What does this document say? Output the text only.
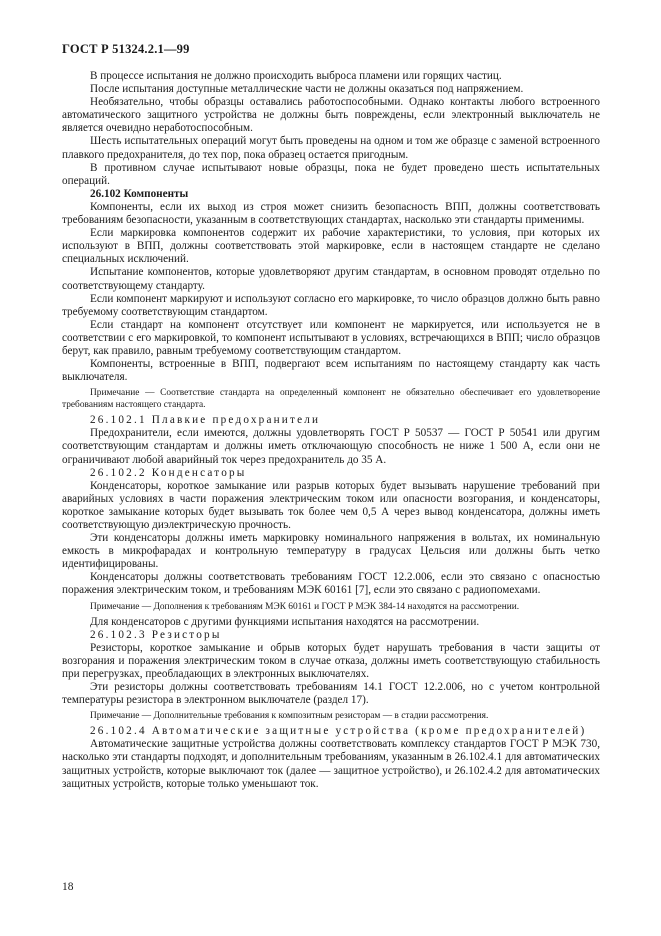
ГОСТ Р 51324.2.1—99

В процессе испытания не должно происходить выброса пламени или горящих частиц.

После испытания доступные металлические части не должны оказаться под напряжением.

Необязательно, чтобы образцы оставались работоспособными. Однако контакты любого встроенного автоматического защитного устройства не должны быть повреждены, если электронный выключатель не является очевидно неработоспособным.

Шесть испытательных операций могут быть проведены на одном и том же образце с заменой встроенного плавкого предохранителя, до тех пор, пока образец остается пригодным.

В противном случае испытывают новые образцы, пока не будет проведено шесть испытательных операций.

26.102 Компоненты

Компоненты, если их выход из строя может снизить безопасность ВПП, должны соответствовать требованиям безопасности, указанным в соответствующих стандартах, насколько эти стандарты применимы.

Если маркировка компонентов содержит их рабочие характеристики, то условия, при которых их используют в ВПП, должны соответствовать этой маркировке, если в настоящем стандарте не сделано специальных исключений.

Испытание компонентов, которые удовлетворяют другим стандартам, в основном проводят отдельно по соответствующему стандарту.

Если компонент маркируют и используют согласно его маркировке, то число образцов должно быть равно требуемому соответствующим стандартом.

Если стандарт на компонент отсутствует или компонент не маркируется, или используется не в соответствии с его маркировкой, то компонент испытывают в условиях, встречающихся в ВПП; число образцов берут, как правило, равным требуемому соответствующим стандартом.

Компоненты, встроенные в ВПП, подвергают всем испытаниям по настоящему стандарту как часть выключателя.

Примечание — Соответствие стандарта на определенный компонент не обязательно обеспечивает его удовлетворение требованиям настоящего стандарта.

26.102.1 Плавкие предохранители

Предохранители, если имеются, должны удовлетворять ГОСТ Р 50537 — ГОСТ Р 50541 или другим соответствующим стандартам и должны иметь отключающую способность не ниже 1 500 А, если они не ограничивают любой аварийный ток через предохранитель до 35 А.

26.102.2 Конденсаторы

Конденсаторы, короткое замыкание или разрыв которых будет вызывать нарушение требований при аварийных условиях в части поражения электрическим током или опасности возгорания, и конденсаторы, короткое замыкание которых будет вызывать ток более чем 0,5 А через вывод конденсатора, должны иметь соответствующую диэлектрическую прочность.

Эти конденсаторы должны иметь маркировку номинального напряжения в вольтах, их номинальную емкость в микрофарадах и контрольную температуру в градусах Цельсия или должны быть четко идентифицированы.

Конденсаторы должны соответствовать требованиям ГОСТ 12.2.006, если это связано с опасностью поражения электрическим током, и требованиям МЭК 60161 [7], если это связано с радиопомехами.

Примечание — Дополнения к требованиям МЭК 60161 и ГОСТ Р МЭК 384-14 находятся на рассмотрении.

Для конденсаторов с другими функциями испытания находятся на рассмотрении.

26.102.3 Резисторы

Резисторы, короткое замыкание и обрыв которых будет нарушать требования в части защиты от возгорания и поражения электрическим током в случае отказа, должны иметь соответствующую стабильность при перегрузках, преобладающих в электронных выключателях.

Эти резисторы должны соответствовать требованиям 14.1 ГОСТ 12.2.006, но с учетом контрольной температуры резистора в электронном выключателе (раздел 17).

Примечание — Дополнительные требования к композитным резисторам — в стадии рассмотрения.

26.102.4 Автоматические защитные устройства (кроме предохранителей)

Автоматические защитные устройства должны соответствовать комплексу стандартов ГОСТ Р МЭК 730, насколько эти стандарты подходят, и дополнительным требованиям, указанным в 26.102.4.1 для автоматических защитных устройств, которые выключают ток (далее — защитное устройство), и 26.102.4.2 для автоматических защитных устройств, которые только уменьшают ток.

18
